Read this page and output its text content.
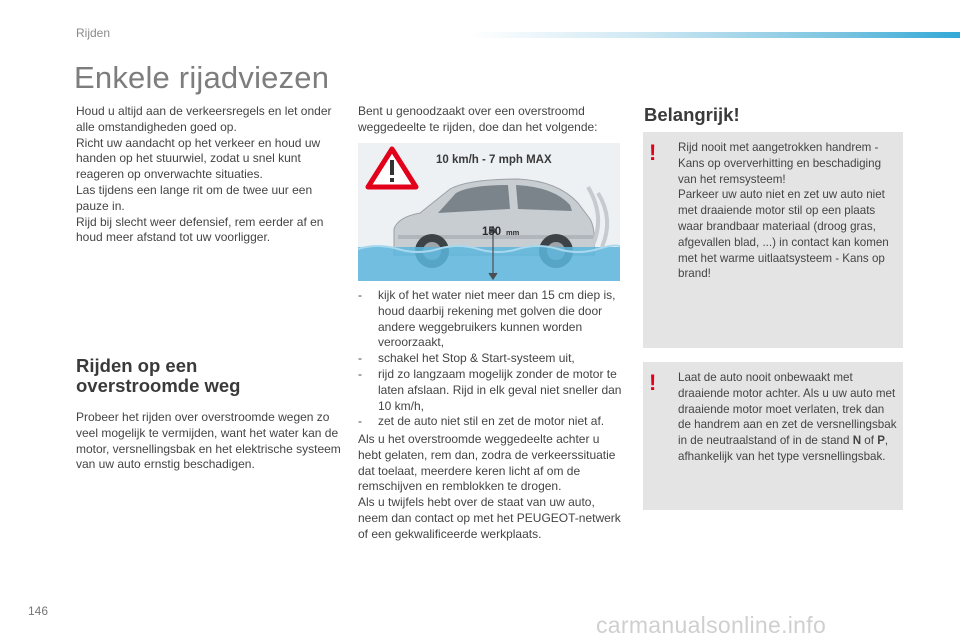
Rijden
Enkele rijadviezen

Houd u altijd aan de verkeersregels en let onder alle omstandigheden goed op.

Richt uw aandacht op het verkeer en houd uw handen op het stuurwiel, zodat u snel kunt reageren op onverwachte situaties.

Las tijdens een lange rit om de twee uur een pauze in.

Rijd bij slecht weer defensief, rem eerder af en houd meer afstand tot uw voorligger.

Rijden op een
overstroomde weg

Probeer het rijden over overstroomde wegen zo veel mogelijk te vermijden, want het water kan de motor, versnellingsbak en het elektrische systeem van uw auto ernstig beschadigen.

Bent u genoodzaakt over een overstroomd weggedeelte te rijden, doe dan het volgende:

10 km/h - 7 mph MAX
150 mm
- kijk of het water niet meer dan 15 cm diep is, houd daarbij rekening met golven die door andere weggebruikers kunnen worden veroorzaakt,
- schakel het Stop & Start-systeem uit,
- rijd zo langzaam mogelijk zonder de motor te laten afslaan. Rijd in elk geval niet sneller dan 10 km/h,
- zet de auto niet stil en zet de motor niet af.

Als u het overstroomde weggedeelte achter u hebt gelaten, rem dan, zodra de verkeerssituatie dat toelaat, meerdere keren licht af om de remschijven en remblokken te drogen.

Als u twijfels hebt over de staat van uw auto, neem dan contact op met het PEUGEOT-netwerk of een gekwalificeerde werkplaats.

Belangrijk!
! Rijd nooit met aangetrokken handrem - Kans op oververhitting en beschadiging van het remsysteem!

Parkeer uw auto niet en zet uw auto niet met draaiende motor stil op een plaats waar brandbaar materiaal (droog gras, afgevallen blad, ...) in contact kan komen met het warme uitlaatsysteem - Kans op brand!

! Laat de auto nooit onbewaakt met draaiende motor achter. Als u uw auto met draaiende motor moet verlaten, trek dan de handrem aan en zet de versnellingsbak in de neutraalstand of in de stand N of P, afhankelijk van het type versnellingsbak.

146
carmanualsonline.info
